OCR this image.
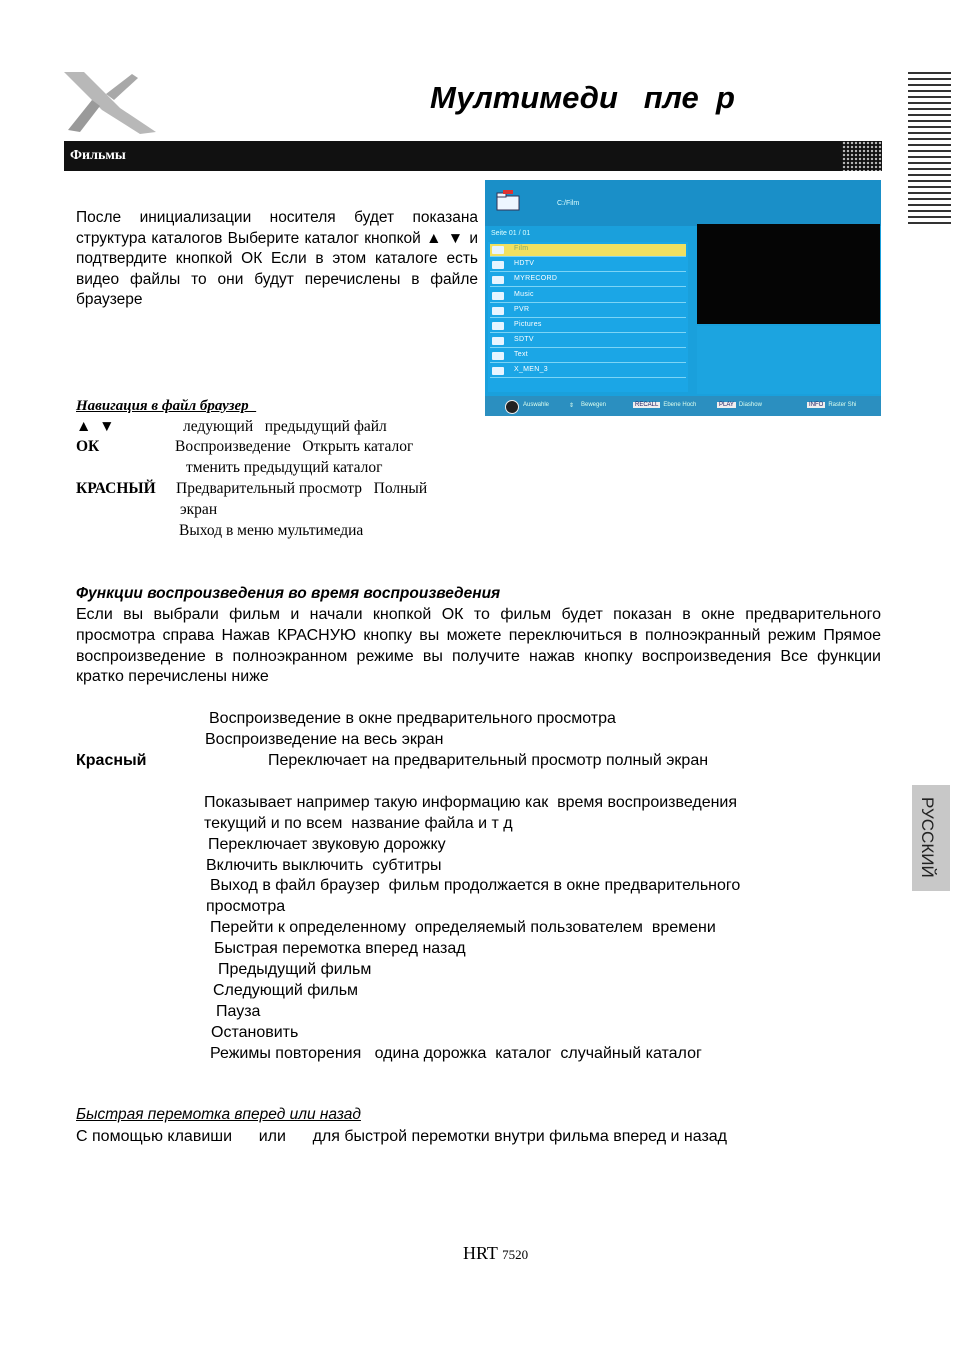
Мултимеди   пле  р
Фильмы
После инициализации носителя будет показана структура каталогов Выберите каталог кнопкой ▲ ▼ и подтвердите кнопкой ОК Если в этом каталоге есть видео файлы то они будут перечислены в файле браузере
C:/Film
Seite 01 / 01
Film
HDTV
MYRECORD
Music
PVR
Pictures
SDTV
Text
X_MEN_3
Auswahle	⇕ Bewegen	RECALL Ebene Hoch	PLAY Diashow	INFO Raster Shi
Навигация в файл браузер
▲  ▼	ледующий   предыдущий файл
ОК	Воспроизведение   Открыть каталог
тменить предыдущий каталог
КРАСНЫЙ Предварительный просмотр   Полный
экран
Выход в меню мультимедиа
Функции воспроизведения во время воспроизведения
Если вы выбрали фильм и начали кнопкой ОК то фильм будет показан в окне предварительного просмотра справа Нажав КРАСНУЮ кнопку вы можете переключиться в полноэкранный режим Прямое воспроизведение в полноэкранном режиме вы получите нажав кнопку воспроизведения Все функции кратко перечислены ниже
Воспроизведение в окне предварительного просмотра
Воспроизведение на весь экран
Красный	Переключает на предварительный просмотр полный экран
Показывает например такую информацию как  время воспроизведения
текущий и по всем  название файла и т д
Переключает звуковую дорожку
Включить выключить  субтитры
Выход в файл браузер  фильм продолжается в окне предварительного
просмотра
Перейти к определенному  определяемый пользователем  времени
Быстрая перемотка вперед назад
Предыдущий фильм
Следующий фильм
Пауза
Остановить
Режимы повторения   одина дорожка  каталог  случайный каталог
РУССКИЙ
Быстрая перемотка вперед или назад
С помощью клавиши      или      для быстрой перемотки внутри фильма вперед и назад
HRT 7520
